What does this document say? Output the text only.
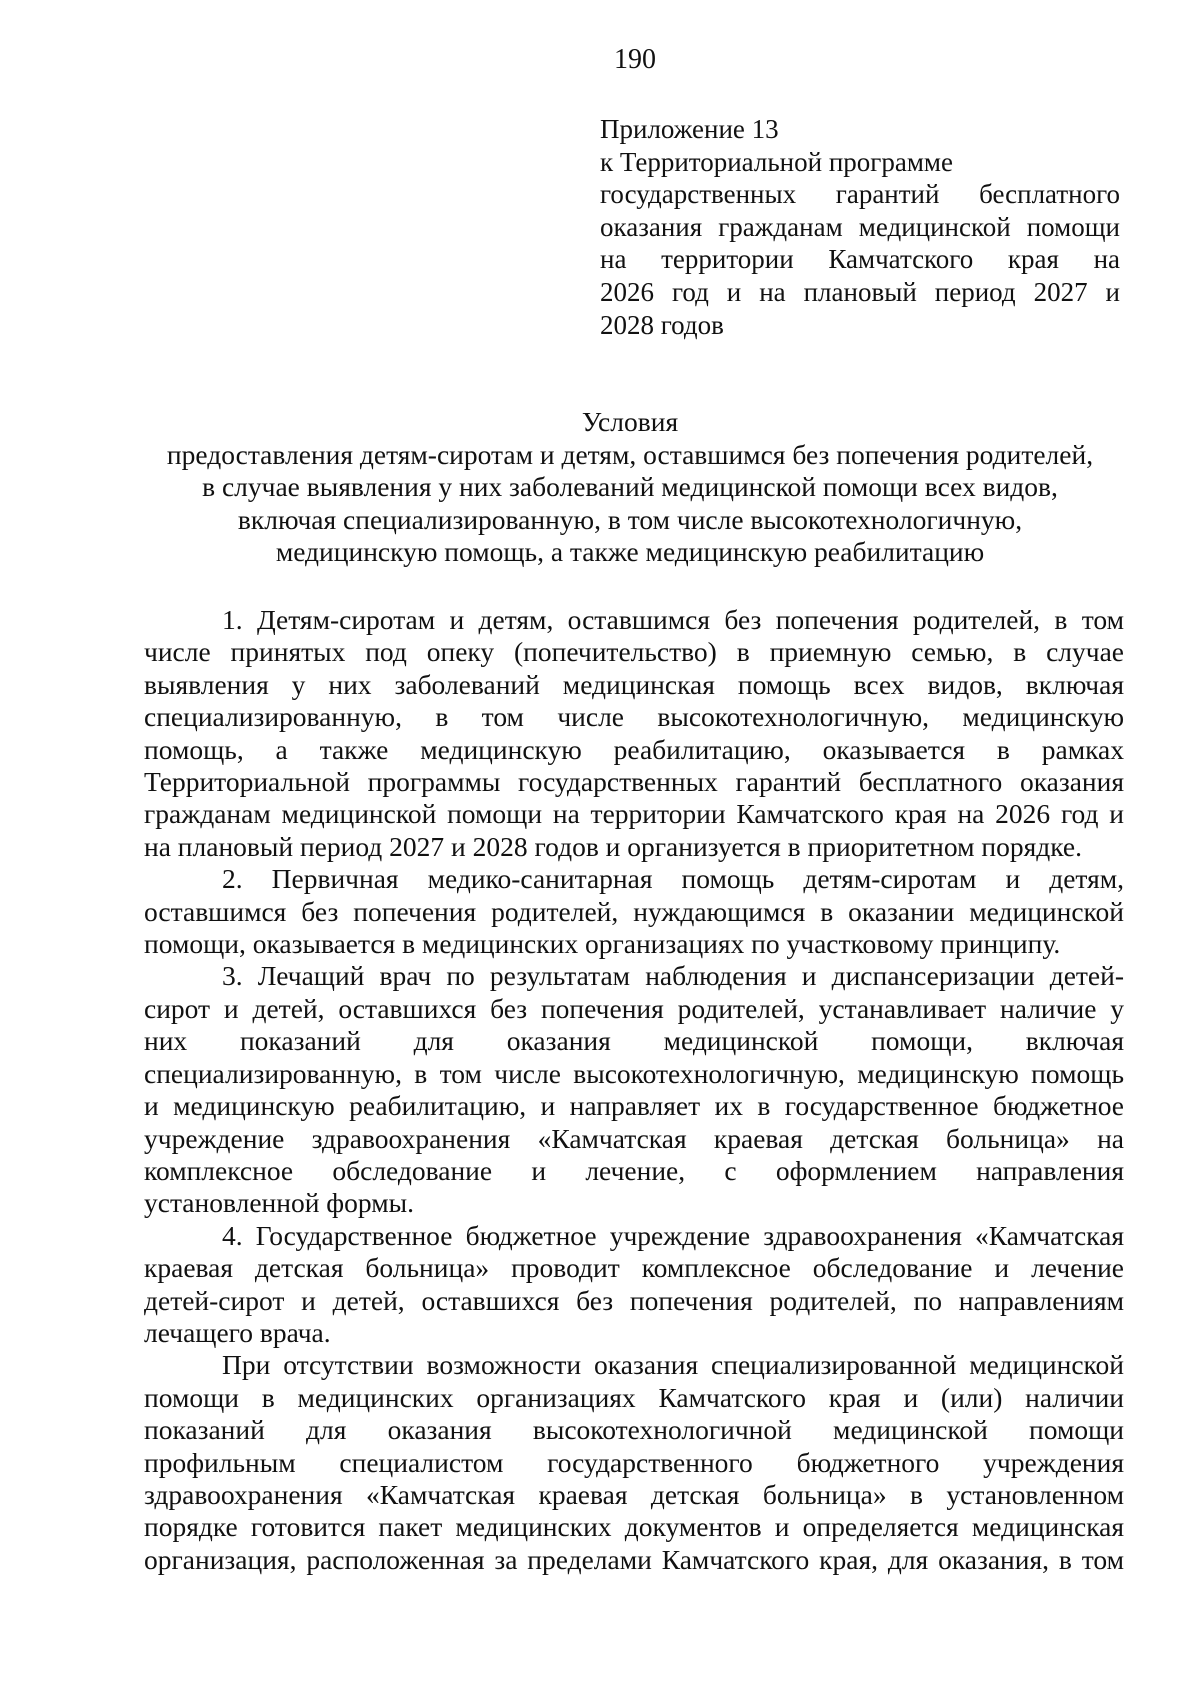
190
Приложение 13
к Территориальной программе
государственных гарантий бесплатного
оказания гражданам медицинской помощи
на территории Камчатского края на
2026 год и на плановый период 2027 и
2028 годов
Условия
предоставления детям-сиротам и детям, оставшимся без попечения родителей,
в случае выявления у них заболеваний медицинской помощи всех видов,
включая специализированную, в том числе высокотехнологичную,
медицинскую помощь, а также медицинскую реабилитацию
1. Детям-сиротам и детям, оставшимся без попечения родителей, в том
числе принятых под опеку (попечительство) в приемную семью, в случае
выявления у них заболеваний медицинская помощь всех видов, включая
специализированную, в том числе высокотехнологичную, медицинскую
помощь, а также медицинскую реабилитацию, оказывается в рамках
Территориальной программы государственных гарантий бесплатного оказания
гражданам медицинской помощи на территории Камчатского края на 2026 год и
на плановый период 2027 и 2028 годов и организуется в приоритетном порядке.
2. Первичная медико-санитарная помощь детям-сиротам и детям,
оставшимся без попечения родителей, нуждающимся в оказании медицинской
помощи, оказывается в медицинских организациях по участковому принципу.
3. Лечащий врач по результатам наблюдения и диспансеризации детей-
сирот и детей, оставшихся без попечения родителей, устанавливает наличие у
них показаний для оказания медицинской помощи, включая
специализированную, в том числе высокотехнологичную, медицинскую помощь
и медицинскую реабилитацию, и направляет их в государственное бюджетное
учреждение здравоохранения «Камчатская краевая детская больница» на
комплексное обследование и лечение, с оформлением направления
установленной формы.
4. Государственное бюджетное учреждение здравоохранения «Камчатская
краевая детская больница» проводит комплексное обследование и лечение
детей-сирот и детей, оставшихся без попечения родителей, по направлениям
лечащего врача.
При отсутствии возможности оказания специализированной медицинской
помощи в медицинских организациях Камчатского края и (или) наличии
показаний для оказания высокотехнологичной медицинской помощи
профильным специалистом государственного бюджетного учреждения
здравоохранения «Камчатская краевая детская больница» в установленном
порядке готовится пакет медицинских документов и определяется медицинская
организация, расположенная за пределами Камчатского края, для оказания, в том
